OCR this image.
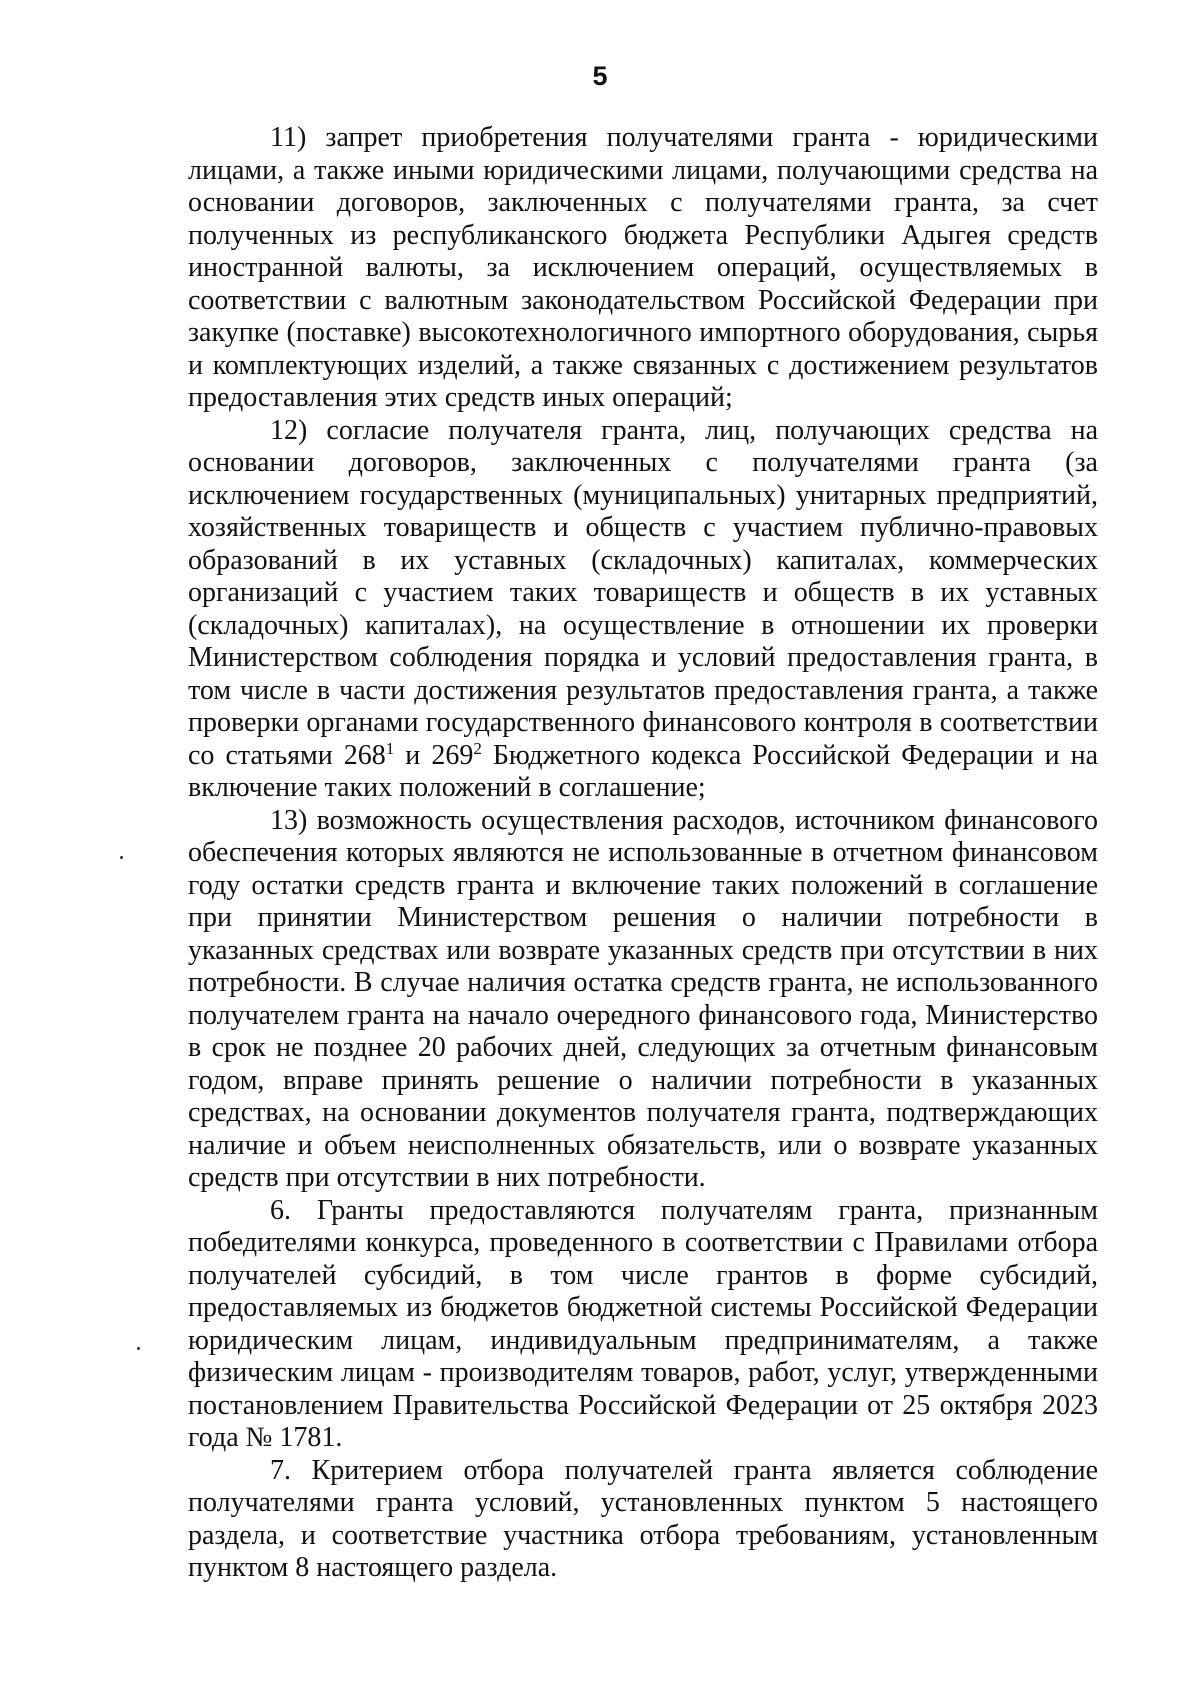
5

11) запрет приобретения получателями гранта - юридическими лицами, а также иными юридическими лицами, получающими средства на основании договоров, заключенных с получателями гранта, за счет полученных из республиканского бюджета Республики Адыгея средств иностранной валюты, за исключением операций, осуществляемых в соответствии с валютным законодательством Российской Федерации при закупке (поставке) высокотехнологичного импортного оборудования, сырья и комплектующих изделий, а также связанных с достижением результатов предоставления этих средств иных операций;

12) согласие получателя гранта, лиц, получающих средства на основании договоров, заключенных с получателями гранта (за исключением государственных (муниципальных) унитарных предприятий, хозяйственных товариществ и обществ с участием публично-правовых образований в их уставных (складочных) капиталах, коммерческих организаций с участием таких товариществ и обществ в их уставных (складочных) капиталах), на осуществление в отношении их проверки Министерством соблюдения порядка и условий предоставления гранта, в том числе в части достижения результатов предоставления гранта, а также проверки органами государственного финансового контроля в соответствии со статьями $268^1$ и $269^2$ Бюджетного кодекса Российской Федерации и на включение таких положений в соглашение;

13) возможность осуществления расходов, источником финансового обеспечения которых являются не использованные в отчетном финансовом году остатки средств гранта и включение таких положений в соглашение при принятии Министерством решения о наличии потребности в указанных средствах или возврате указанных средств при отсутствии в них потребности. В случае наличия остатка средств гранта, не использованного получателем гранта на начало очередного финансового года, Министерство в срок не позднее 20 рабочих дней, следующих за отчетным финансовым годом, вправе принять решение о наличии потребности в указанных средствах, на основании документов получателя гранта, подтверждающих наличие и объем неисполненных обязательств, или о возврате указанных средств при отсутствии в них потребности.

6. Гранты предоставляются получателям гранта, признанным победителями конкурса, проведенного в соответствии с Правилами отбора получателей субсидий, в том числе грантов в форме субсидий, предоставляемых из бюджетов бюджетной системы Российской Федерации юридическим лицам, индивидуальным предпринимателям, а также физическим лицам - производителям товаров, работ, услуг, утвержденными постановлением Правительства Российской Федерации от 25 октября 2023 года № 1781.

7. Критерием отбора получателей гранта является соблюдение получателями гранта условий, установленных пунктом 5 настоящего раздела, и соответствие участника отбора требованиям, установленным пунктом 8 настоящего раздела.
